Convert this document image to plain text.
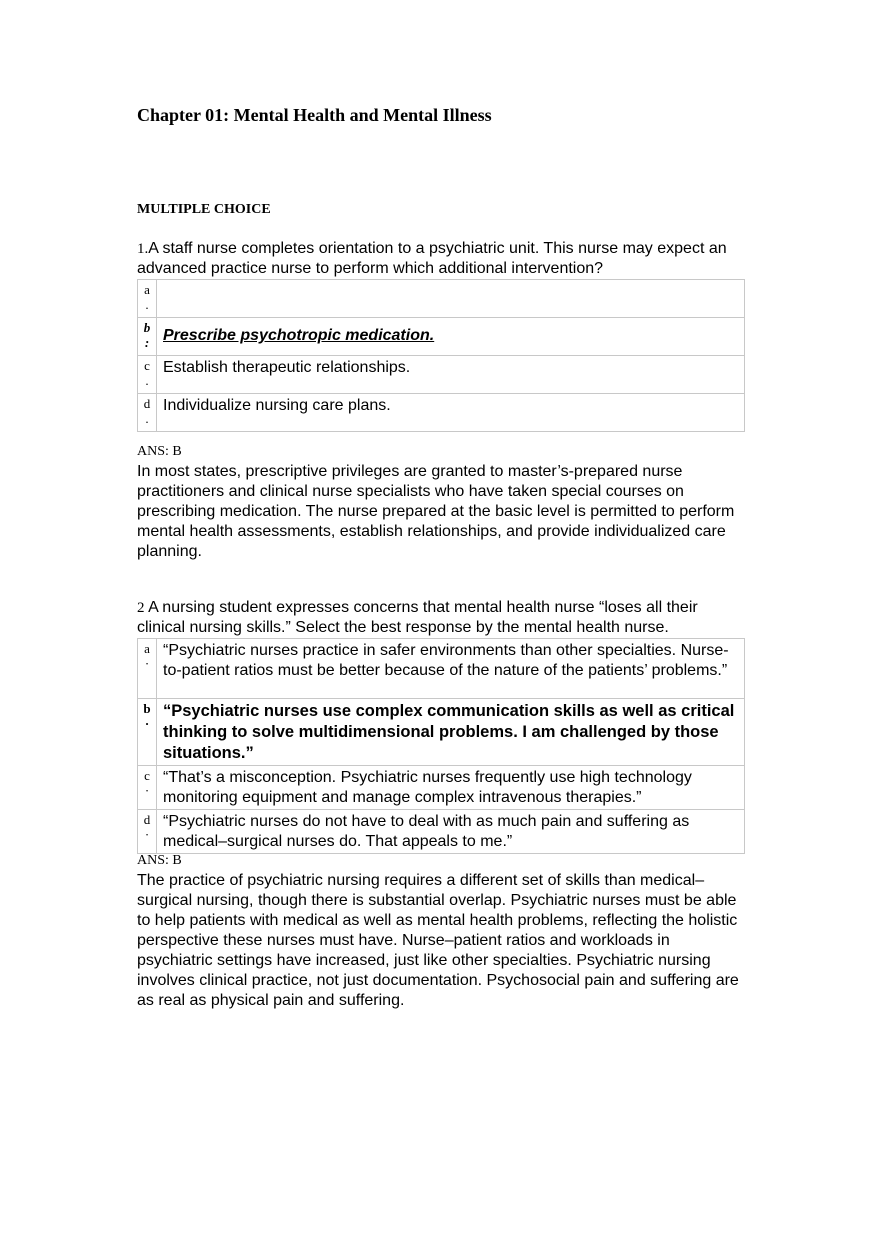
Chapter 01: Mental Health and Mental Illness
MULTIPLE CHOICE
1.A staff nurse completes orientation to a psychiatric unit. This nurse may expect an advanced practice nurse to perform which additional intervention?
a
.	

b
:	Prescribe psychotropic medication.
c
.	Establish therapeutic relationships.
d
.	Individualize nursing care plans.
ANS: B
In most states, prescriptive privileges are granted to master’s-prepared nurse practitioners and clinical nurse specialists who have taken special courses on prescribing medication. The nurse prepared at the basic level is permitted to perform mental health assessments, establish relationships, and provide individualized care planning.
2 A nursing student expresses concerns that mental health nurse “loses all their clinical nursing skills.” Select the best response by the mental health nurse.
a
·	“Psychiatric nurses practice in safer environments than other specialties. Nurse-to-patient ratios must be better because of the nature of the patients’ problems.”
b
·	“Psychiatric nurses use complex communication skills as well as critical thinking to solve multidimensional problems. I am challenged by those situations.”
c
·	“That’s a misconception. Psychiatric nurses frequently use high technology monitoring equipment and manage complex intravenous therapies.”
d
·	“Psychiatric nurses do not have to deal with as much pain and suffering as medical–surgical nurses do. That appeals to me.”
ANS: B
The practice of psychiatric nursing requires a different set of skills than medical–surgical nursing, though there is substantial overlap. Psychiatric nurses must be able to help patients with medical as well as mental health problems, reflecting the holistic perspective these nurses must have. Nurse–patient ratios and workloads in psychiatric settings have increased, just like other specialties. Psychiatric nursing involves clinical practice, not just documentation. Psychosocial pain and suffering are as real as physical pain and suffering.
